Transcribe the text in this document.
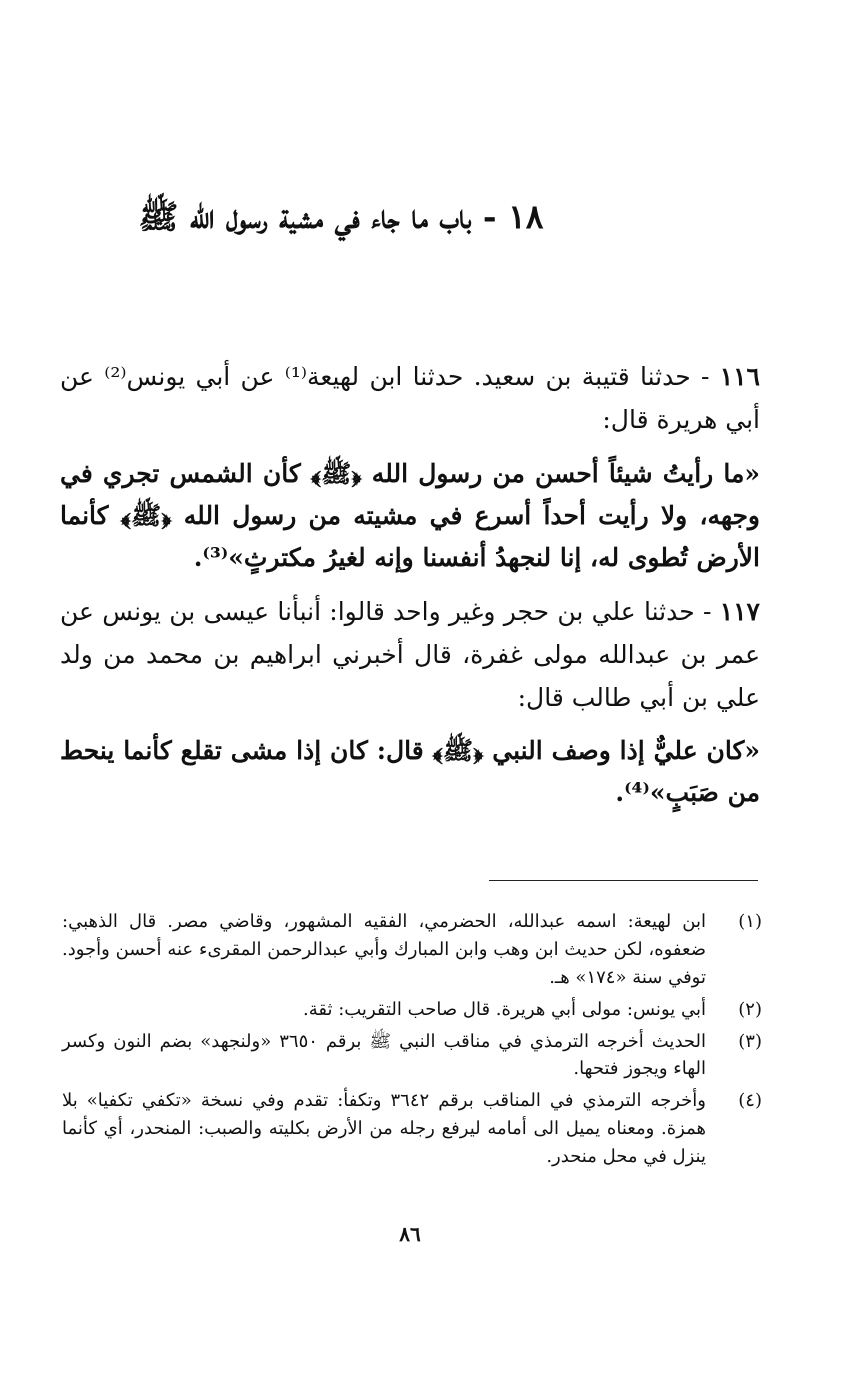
١٨ - باب ما جاء في مشية رسول الله ﷺ
١١٦ - حدثنا قتيبة بن سعيد. حدثنا ابن لهيعة⁽¹⁾ عن أبي يونس⁽²⁾ عن أبي هريرة قال:
«ما رأيتُ شيئاً أحسن من رسول الله ﴿ﷺ﴾ كأن الشمس تجري في وجهه، ولا رأيت أحداً أسرع في مشيته من رسول الله ﴿ﷺ﴾ كأنما الأرض تُطوى له، إنا لنجهدُ أنفسنا وإنه لغيرُ مكترثٍ»⁽³⁾.
١١٧ - حدثنا علي بن حجر وغير واحد قالوا: أنبأنا عيسى بن يونس عن عمر بن عبدالله مولى غفرة، قال أخبرني ابراهيم بن محمد من ولد علي بن أبي طالب قال:
«كان عليٌّ إذا وصف النبي ﴿ﷺ﴾ قال: كان إذا مشى تقلع كأنما ينحط من صَبَبٍ»⁽⁴⁾.
(١)
ابن لهيعة: اسمه عبدالله، الحضرمي، الفقيه المشهور، وقاضي مصر. قال الذهبي: ضعفوه، لكن حديث ابن وهب وابن المبارك وأبي عبدالرحمن المقرىء عنه أحسن وأجود. توفي سنة «١٧٤» هـ.
(٢)
أبي يونس: مولى أبي هريرة. قال صاحب التقريب: ثقة.
(٣)
الحديث أخرجه الترمذي في مناقب النبي ﷺ برقم ٣٦٥٠ «ولنجهد» بضم النون وكسر الهاء ويجوز فتحها.
(٤)
وأخرجه الترمذي في المناقب برقم ٣٦٤٢ وتكفأ: تقدم وفي نسخة «تكفي تكفيا» بلا همزة. ومعناه يميل الى أمامه ليرفع رجله من الأرض بكليته والصبب: المنحدر، أي كأنما ينزل في محل منحدر.
٨٦
